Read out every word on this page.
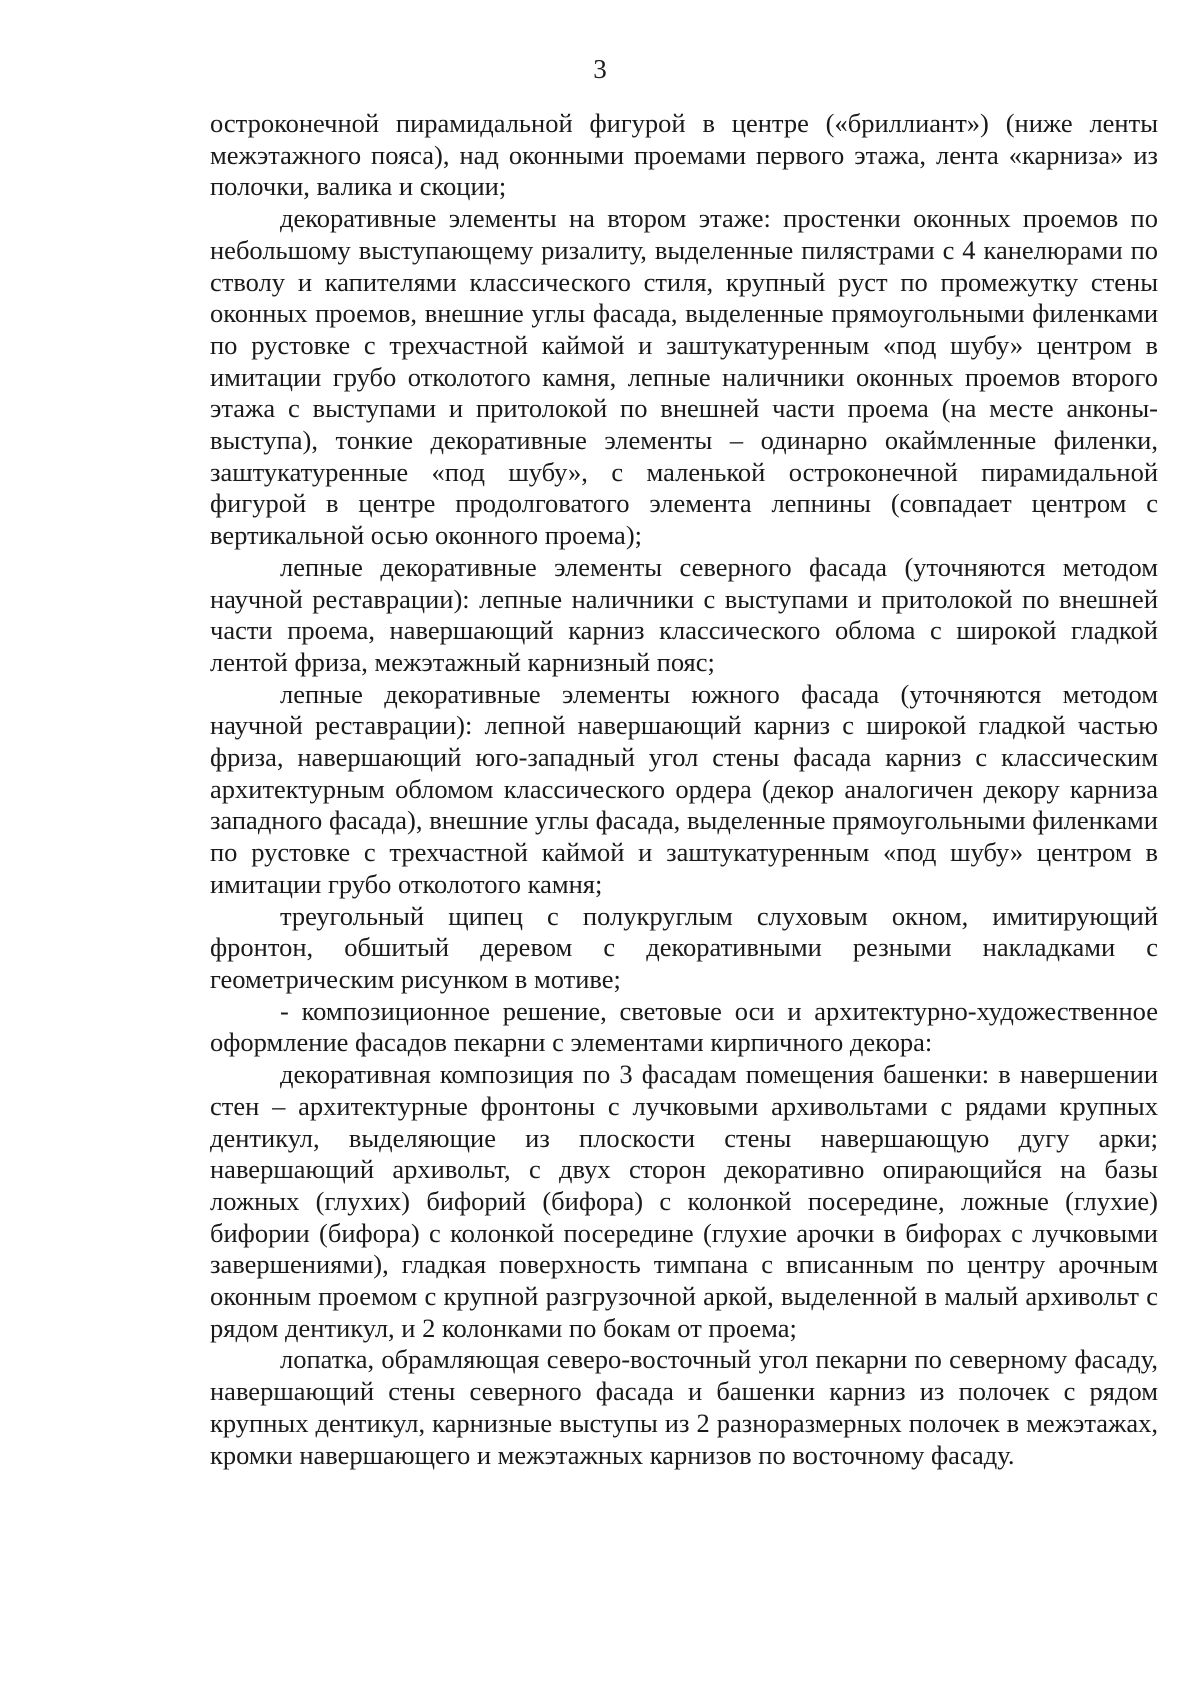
3

остроконечной пирамидальной фигурой в центре («бриллиант») (ниже ленты межэтажного пояса), над оконными проемами первого этажа, лента «карниза» из полочки, валика и скоции;

декоративные элементы на втором этаже: простенки оконных проемов по небольшому выступающему ризалиту, выделенные пилястрами с 4 канелюрами по стволу и капителями классического стиля, крупный руст по промежутку стены оконных проемов, внешние углы фасада, выделенные прямоугольными филенками по рустовке с трехчастной каймой и заштукатуренным «под шубу» центром в имитации грубо отколотого камня, лепные наличники оконных проемов второго этажа с выступами и притолокой по внешней части проема (на месте анконы-выступа), тонкие декоративные элементы – одинарно окаймленные филенки, заштукатуренные «под шубу», с маленькой остроконечной пирамидальной фигурой в центре продолговатого элемента лепнины (совпадает центром с вертикальной осью оконного проема);

лепные декоративные элементы северного фасада (уточняются методом научной реставрации): лепные наличники с выступами и притолокой по внешней части проема, навершающий карниз классического облома с широкой гладкой лентой фриза, межэтажный карнизный пояс;

лепные декоративные элементы южного фасада (уточняются методом научной реставрации): лепной навершающий карниз с широкой гладкой частью фриза, навершающий юго-западный угол стены фасада карниз с классическим архитектурным обломом классического ордера (декор аналогичен декору карниза западного фасада), внешние углы фасада, выделенные прямоугольными филенками по рустовке с трехчастной каймой и заштукатуренным «под шубу» центром в имитации грубо отколотого камня;

треугольный щипец с полукруглым слуховым окном, имитирующий фронтон, обшитый деревом с декоративными резными накладками с геометрическим рисунком в мотиве;

- композиционное решение, световые оси и архитектурно-художественное оформление фасадов пекарни с элементами кирпичного декора:

декоративная композиция по 3 фасадам помещения башенки: в навершении стен – архитектурные фронтоны с лучковыми архивольтами с рядами крупных дентикул, выделяющие из плоскости стены навершающую дугу арки; навершающий архивольт, с двух сторон декоративно опирающийся на базы ложных (глухих) бифорий (бифора) с колонкой посередине, ложные (глухие) бифории (бифора) с колонкой посередине (глухие арочки в бифорах с лучковыми завершениями), гладкая поверхность тимпана с вписанным по центру арочным оконным проемом с крупной разгрузочной аркой, выделенной в малый архивольт с рядом дентикул, и 2 колонками по бокам от проема;

лопатка, обрамляющая северо-восточный угол пекарни по северному фасаду, навершающий стены северного фасада и башенки карниз из полочек с рядом крупных дентикул, карнизные выступы из 2 разноразмерных полочек в межэтажах, кромки навершающего и межэтажных карнизов по восточному фасаду.
